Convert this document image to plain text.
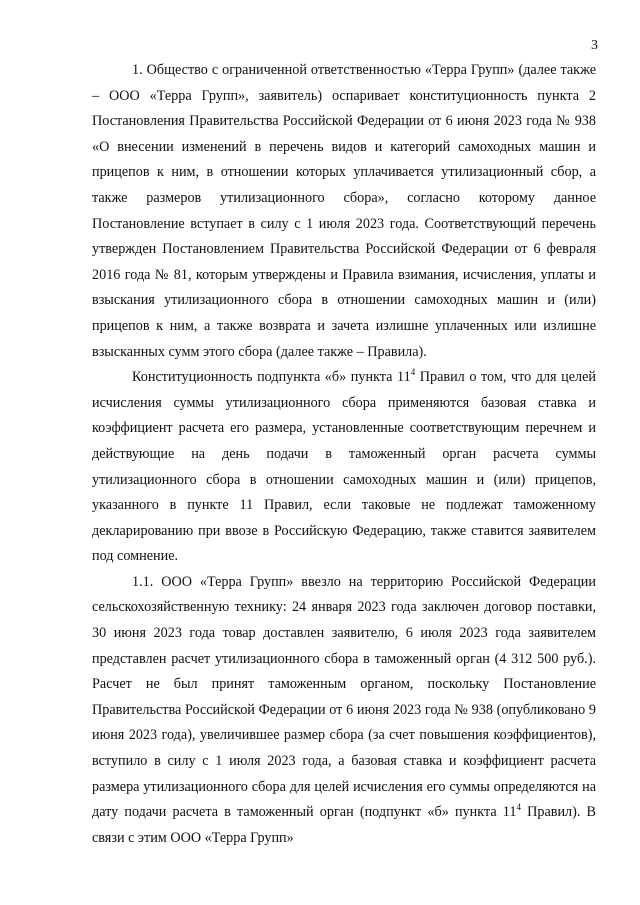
3

1. Общество с ограниченной ответственностью «Терра Групп» (далее также – ООО «Терра Групп», заявитель) оспаривает конституционность пункта 2 Постановления Правительства Российской Федерации от 6 июня 2023 года № 938 «О внесении изменений в перечень видов и категорий самоходных машин и прицепов к ним, в отношении которых уплачивается утилизационный сбор, а также размеров утилизационного сбора», согласно которому данное Постановление вступает в силу с 1 июля 2023 года. Соответствующий перечень утвержден Постановлением Правительства Российской Федерации от 6 февраля 2016 года № 81, которым утверждены и Правила взимания, исчисления, уплаты и взыскания утилизационного сбора в отношении самоходных машин и (или) прицепов к ним, а также возврата и зачета излишне уплаченных или излишне взысканных сумм этого сбора (далее также – Правила).

Конституционность подпункта «б» пункта $11^4$ Правил о том, что для целей исчисления суммы утилизационного сбора применяются базовая ставка и коэффициент расчета его размера, установленные соответствующим перечнем и действующие на день подачи в таможенный орган расчета суммы утилизационного сбора в отношении самоходных машин и (или) прицепов, указанного в пункте 11 Правил, если таковые не подлежат таможенному декларированию при ввозе в Российскую Федерацию, также ставится заявителем под сомнение.

1.1. ООО «Терра Групп» ввезло на территорию Российской Федерации сельскохозяйственную технику: 24 января 2023 года заключен договор поставки, 30 июня 2023 года товар доставлен заявителю, 6 июля 2023 года заявителем представлен расчет утилизационного сбора в таможенный орган (4 312 500 руб.). Расчет не был принят таможенным органом, поскольку Постановление Правительства Российской Федерации от 6 июня 2023 года № 938 (опубликовано 9 июня 2023 года), увеличившее размер сбора (за счет повышения коэффициентов), вступило в силу с 1 июля 2023 года, а базовая ставка и коэффициент расчета размера утилизационного сбора для целей исчисления его суммы определяются на дату подачи расчета в таможенный орган (подпункт «б» пункта $11^4$ Правил). В связи с этим ООО «Терра Групп»
